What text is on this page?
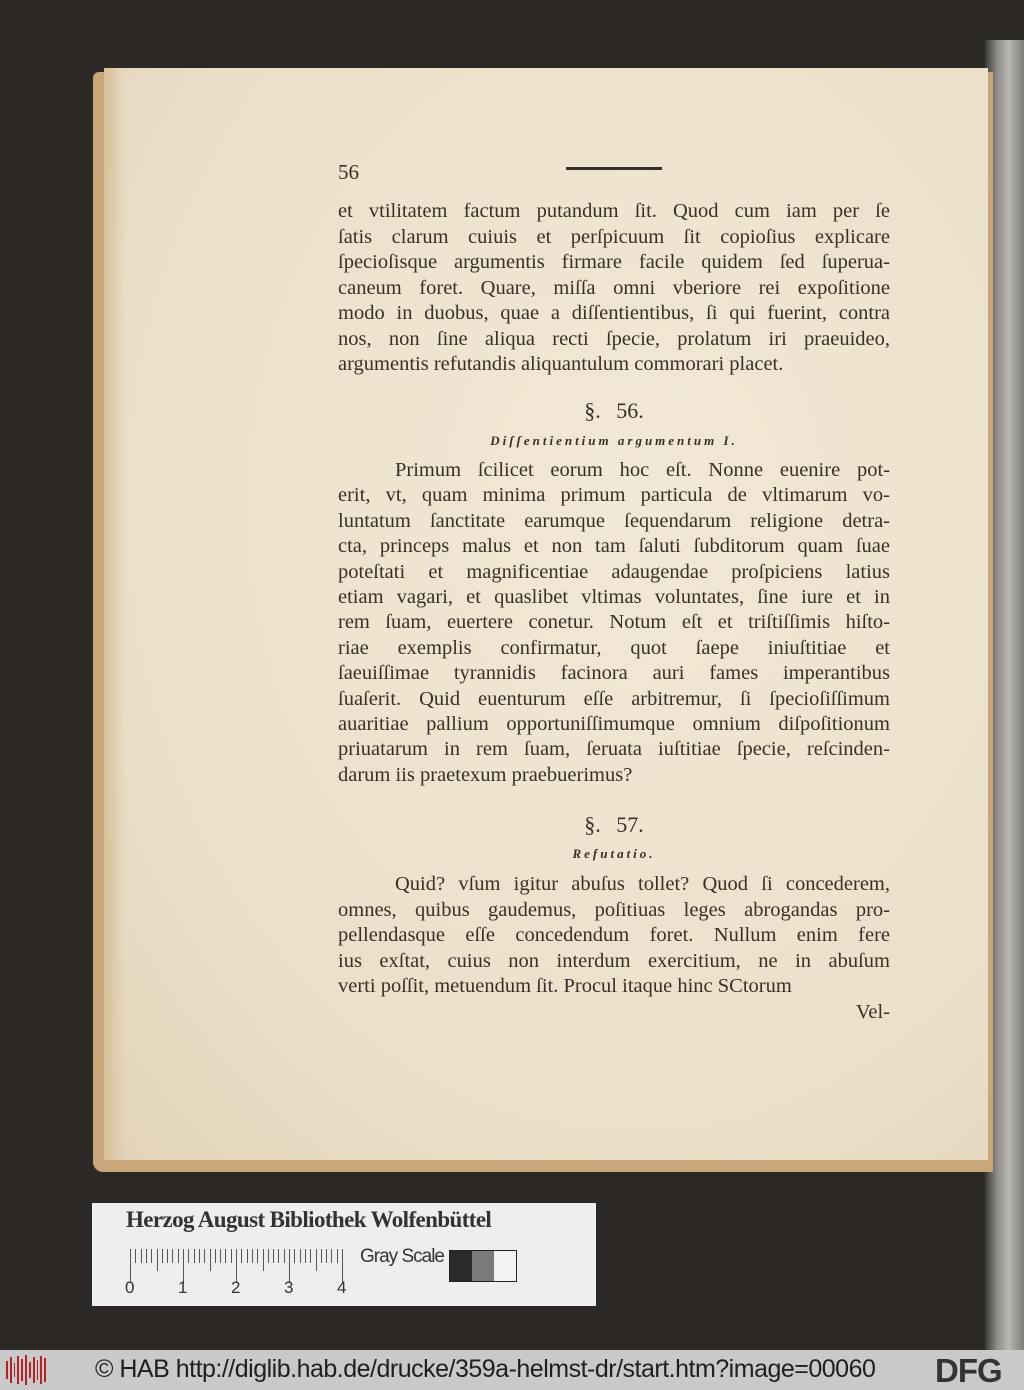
56
et vtilitatem factum putandum ſit. Quod cum iam per ſe
ſatis clarum cuiuis et perſpicuum ſit copioſius explicare
ſpecioſisque argumentis firmare facile quidem ſed ſuperua-
caneum foret. Quare, miſſa omni vberiore rei expoſitione
modo in duobus, quae a diſſentientibus, ſi qui fuerint, contra
nos, non ſine aliqua recti ſpecie, prolatum iri praeuideo,
argumentis refutandis aliquantulum commorari placet.
§. 56.
Diſſentientium argumentum I.
Primum ſcilicet eorum hoc eſt. Nonne euenire pot-
erit, vt, quam minima primum particula de vltimarum vo-
luntatum ſanctitate earumque ſequendarum religione detra-
cta, princeps malus et non tam ſaluti ſubditorum quam ſuae
poteſtati et magnificentiae adaugendae proſpiciens latius
etiam vagari, et quaslibet vltimas voluntates, ſine iure et in
rem ſuam, euertere conetur. Notum eſt et triſtiſſimis hiſto-
riae exemplis confirmatur, quot ſaepe iniuſtitiae et
ſaeuiſſimae tyrannidis facinora auri fames imperantibus
ſuaſerit. Quid euenturum eſſe arbitremur, ſi ſpecioſiſſimum
auaritiae pallium opportuniſſimumque omnium diſpoſitionum
priuatarum in rem ſuam, ſeruata iuſtitiae ſpecie, reſcinden-
darum iis praetexum praebuerimus?
§. 57.
Refutatio.
Quid? vſum igitur abuſus tollet? Quod ſi concederem,
omnes, quibus gaudemus, poſitiuas leges abrogandas pro-
pellendasque eſſe concedendum foret. Nullum enim fere
ius exſtat, cuius non interdum exercitium, ne in abuſum
verti poſſit, metuendum ſit. Procul itaque hinc SCtorum
Vel-
Herzog August Bibliothek Wolfenbüttel
0	1	2	3	4
Gray Scale
© HAB http://diglib.hab.de/drucke/359a-helmst-dr/start.htm?image=00060 DFG
